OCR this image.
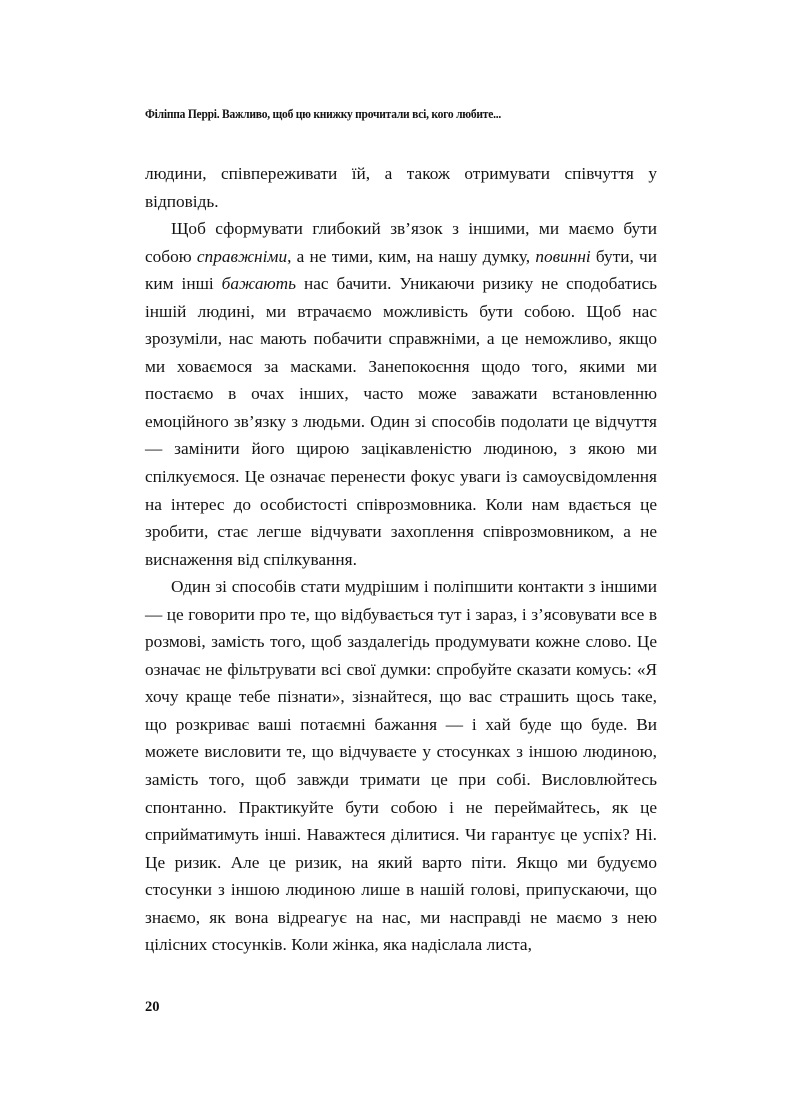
Філіппа Перрі. Важливо, щоб цю книжку прочитали всі, кого любите...

людини, співпереживати їй, а також отримувати співчуття у відповідь.

Щоб сформувати глибокий зв’язок з іншими, ми маємо бути собою справжніми, а не тими, ким, на нашу думку, повинні бути, чи ким інші бажають нас бачити. Уникаючи ризику не сподобатись іншій людині, ми втрачаємо можливість бути собою. Щоб нас зрозуміли, нас мають побачити справжніми, а це неможливо, якщо ми ховаємося за масками. Занепокоєння щодо того, якими ми постаємо в очах інших, часто може заважати встановленню емоційного зв’язку з людьми. Один зі способів подолати це відчуття — замінити його щирою зацікавленістю людиною, з якою ми спілкуємося. Це означає перенести фокус уваги із самоусвідомлення на інтерес до особистості співрозмовника. Коли нам вдається це зробити, стає легше відчувати захоплення співрозмовником, а не виснаження від спілкування.

Один зі способів стати мудрішим і поліпшити контакти з іншими — це говорити про те, що відбувається тут і зараз, і з’ясовувати все в розмові, замість того, щоб заздалегідь продумувати кожне слово. Це означає не фільтрувати всі свої думки: спробуйте сказати комусь: «Я хочу краще тебе пізнати», зізнайтеся, що вас страшить щось таке, що розкриває ваші потаємні бажання — і хай буде що буде. Ви можете висловити те, що відчуваєте у стосунках з іншою людиною, замість того, щоб завжди тримати це при собі. Висловлюйтесь спонтанно. Практикуйте бути собою і не переймайтесь, як це сприйматимуть інші. Наважтеся ділитися. Чи гарантує це успіх? Ні. Це ризик. Але це ризик, на який варто піти. Якщо ми будуємо стосунки з іншою людиною лише в нашій голові, припускаючи, що знаємо, як вона відреагує на нас, ми насправді не маємо з нею цілісних стосунків. Коли жінка, яка надіслала листа,

20
